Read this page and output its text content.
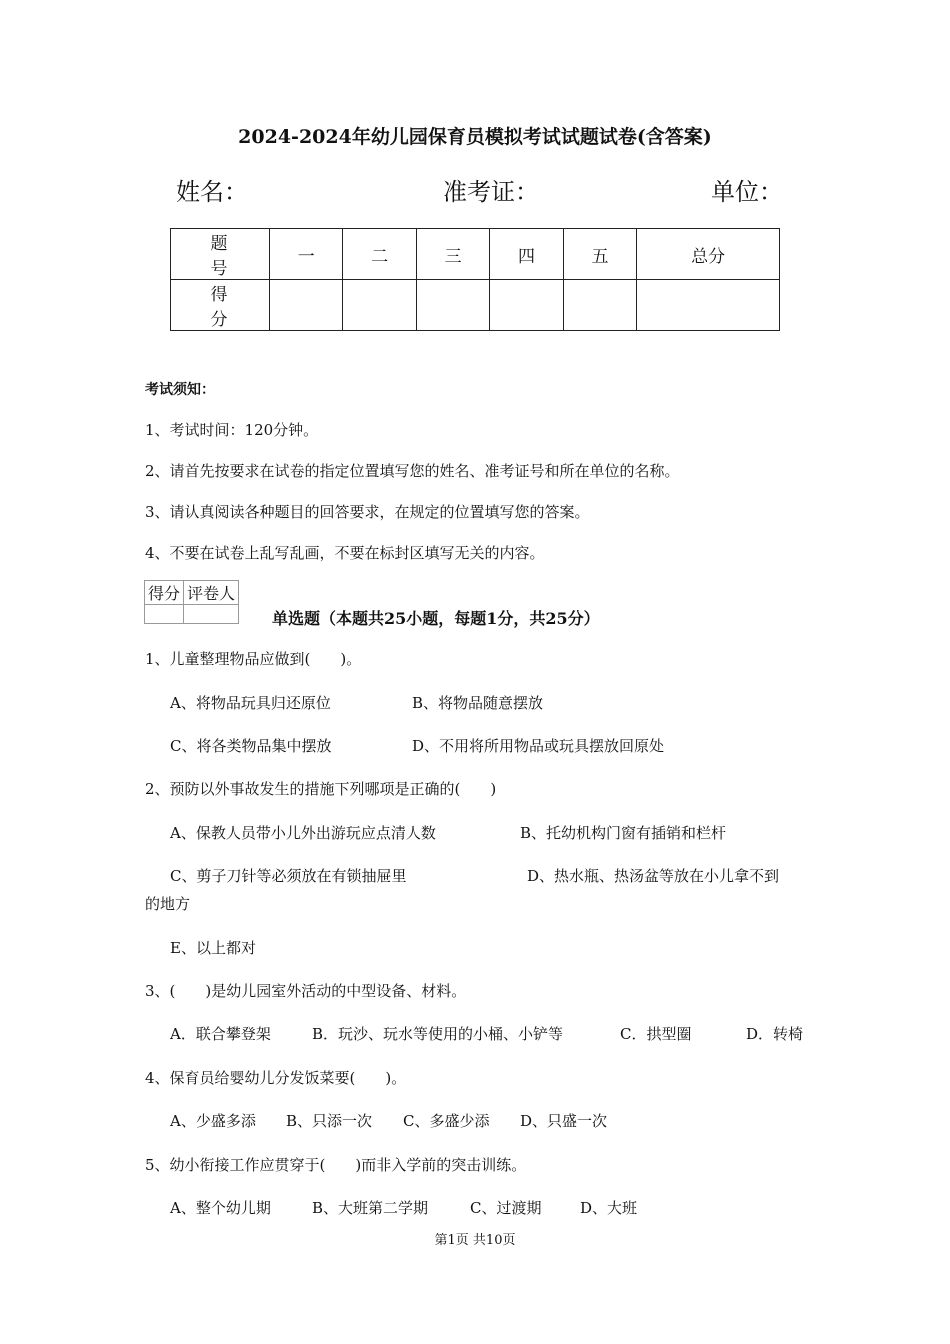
2024-2024年幼儿园保育员模拟考试试题试卷(含答案)
姓名：	准考证：	单位：
题　号	一	二	三	四	五	总分
得　分						
考试须知：
1、考试时间：120分钟。
2、请首先按要求在试卷的指定位置填写您的姓名、准考证号和所在单位的名称。
3、请认真阅读各种题目的回答要求，在规定的位置填写您的答案。
4、不要在试卷上乱写乱画，不要在标封区填写无关的内容。
得分	评卷人

单选题（本题共25小题，每题1分，共25分）
1、儿童整理物品应做到(　　)。
A、将物品玩具归还原位	B、将物品随意摆放
C、将各类物品集中摆放	D、不用将所用物品或玩具摆放回原处
2、预防以外事故发生的措施下列哪项是正确的(　　)
A、保教人员带小儿外出游玩应点清人数	B、托幼机构门窗有插销和栏杆
C、剪子刀针等必须放在有锁抽屉里	D、热水瓶、热汤盆等放在小儿拿不到
的地方
E、以上都对
3、(　　)是幼儿园室外活动的中型设备、材料。
A．联合攀登架	B．玩沙、玩水等使用的小桶、小铲等	C．拱型圈	D．转椅
4、保育员给婴幼儿分发饭菜要(　　)。
A、少盛多添 B、只添一次 C、多盛少添 D、只盛一次
5、幼小衔接工作应贯穿于(　　)而非入学前的突击训练。
A、整个幼儿期	B、大班第二学期	C、过渡期	D、大班
第1页 共10页
